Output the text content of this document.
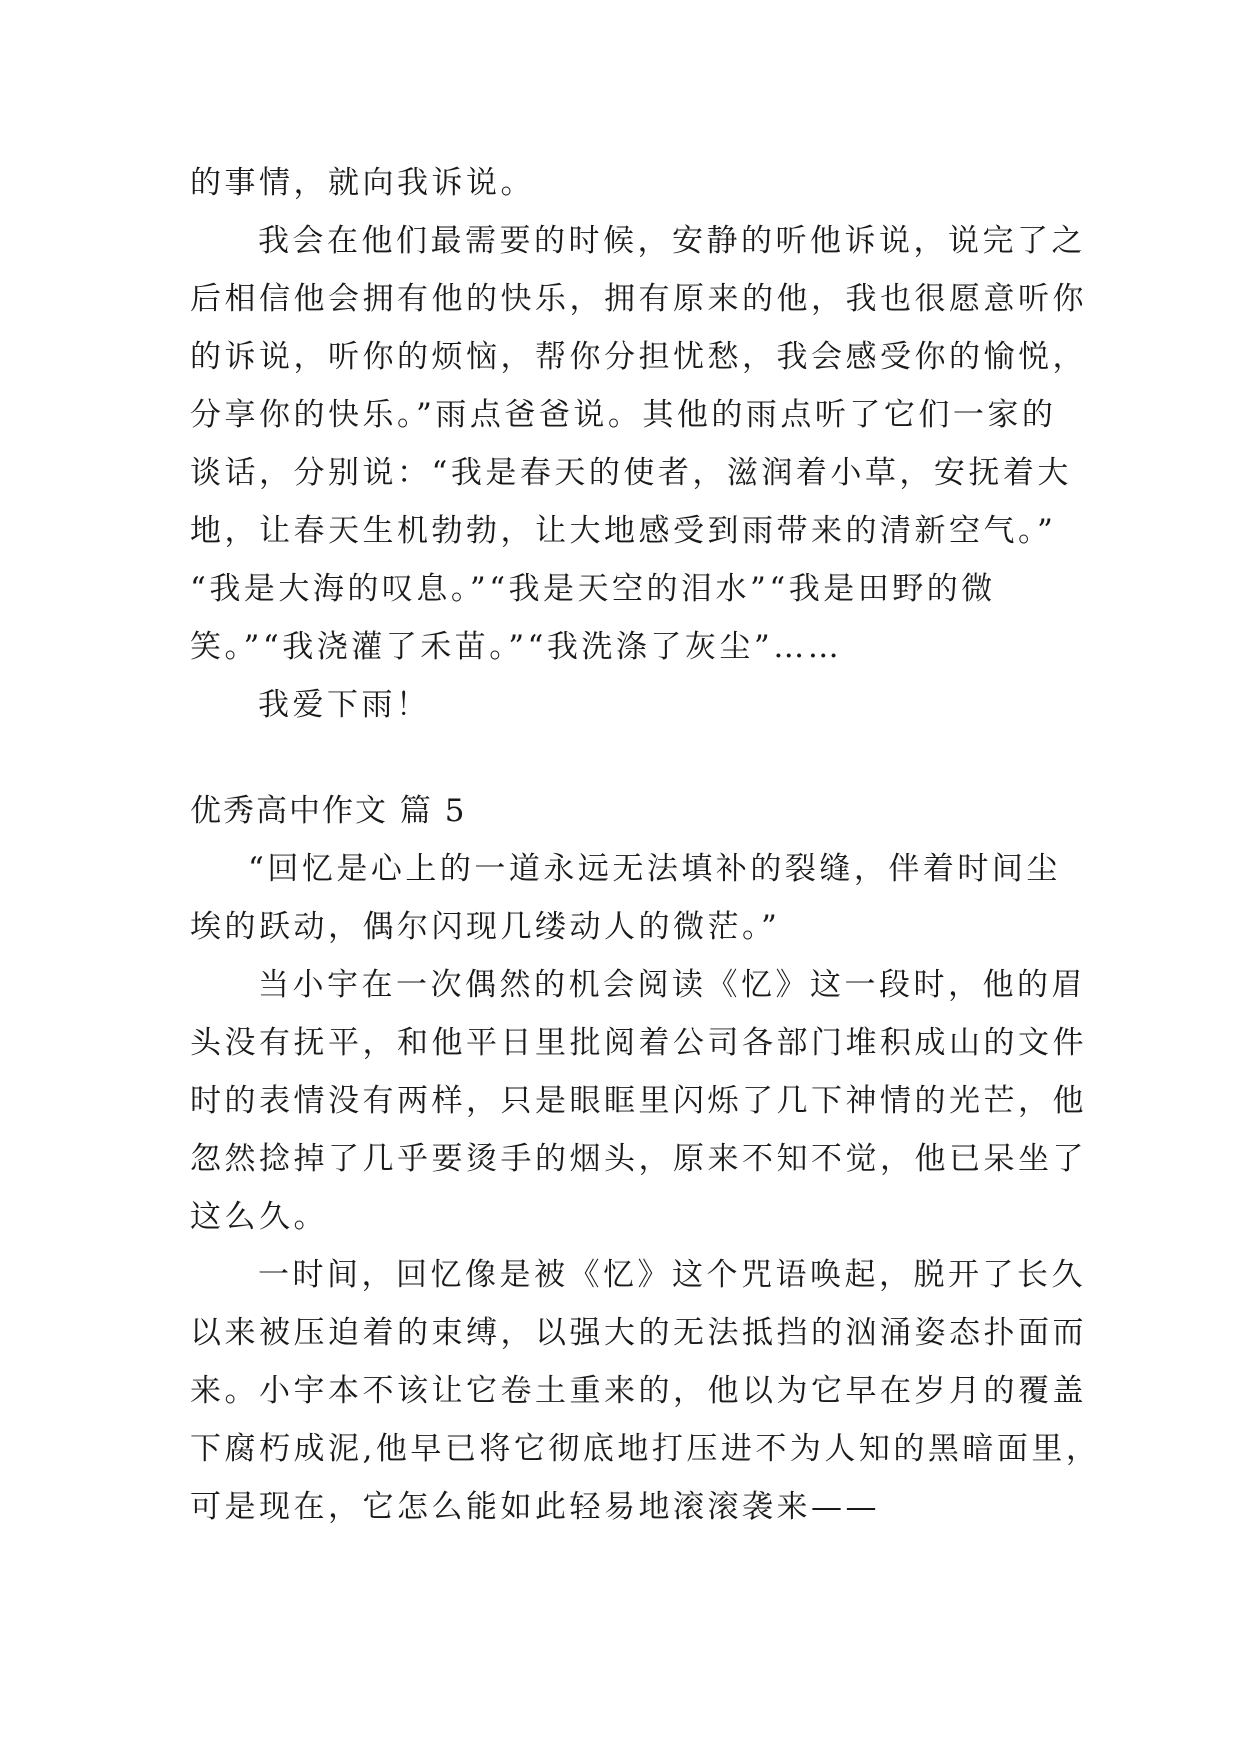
的事情，就向我诉说。
我会在他们最需要的时候，安静的听他诉说，说完了之
后相信他会拥有他的快乐，拥有原来的他，我也很愿意听你
的诉说，听你的烦恼，帮你分担忧愁，我会感受你的愉悦，
分享你的快乐。”雨点爸爸说。其他的雨点听了它们一家的
谈话，分别说：“我是春天的使者，滋润着小草，安抚着大
地，让春天生机勃勃，让大地感受到雨带来的清新空气。”
“我是大海的叹息。”“我是天空的泪水”“我是田野的微
笑。”“我浇灌了禾苗。”“我洗涤了灰尘”……
我爱下雨！
优秀高中作文 篇 5
“回忆是心上的一道永远无法填补的裂缝，伴着时间尘
埃的跃动，偶尔闪现几缕动人的微茫。”
当小宇在一次偶然的机会阅读《忆》这一段时，他的眉
头没有抚平，和他平日里批阅着公司各部门堆积成山的文件
时的表情没有两样，只是眼眶里闪烁了几下神情的光芒，他
忽然捻掉了几乎要烫手的烟头，原来不知不觉，他已呆坐了
这么久。
一时间，回忆像是被《忆》这个咒语唤起，脱开了长久
以来被压迫着的束缚，以强大的无法抵挡的汹涌姿态扑面而
来。小宇本不该让它卷土重来的，他以为它早在岁月的覆盖
下腐朽成泥,他早已将它彻底地打压进不为人知的黑暗面里，
可是现在，它怎么能如此轻易地滚滚袭来——
